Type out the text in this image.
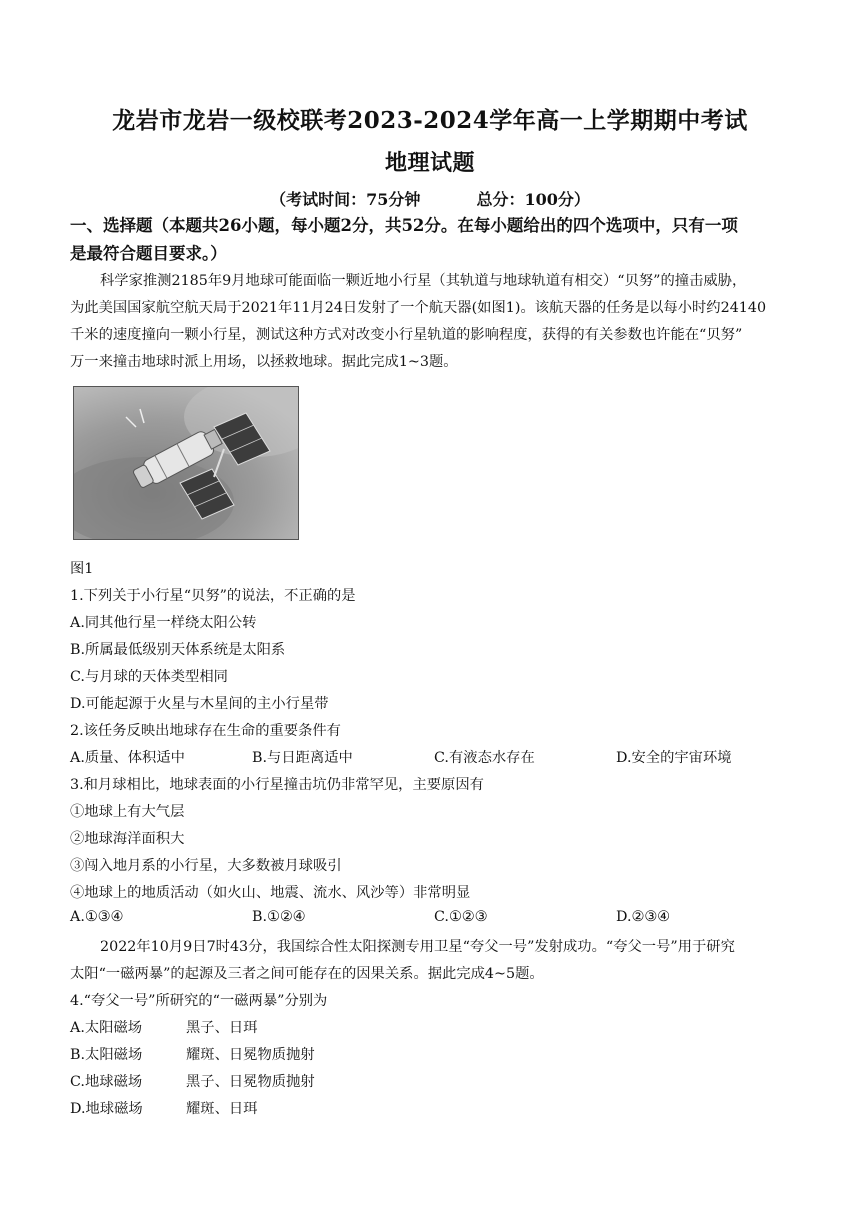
龙岩市龙岩一级校联考2023-2024学年高一上学期期中考试
地理试题
（考试时间：75分钟	总分：100分）
一、选择题（本题共26小题，每小题2分，共52分。在每小题给出的四个选项中，只有一项
是最符合题目要求。）
科学家推测2185年9月地球可能面临一颗近地小行星（其轨道与地球轨道有相交）“贝努”的撞击威胁，
为此美国国家航空航天局于2021年11月24日发射了一个航天器(如图1)。该航天器的任务是以每小时约24140
千米的速度撞向一颗小行星，测试这种方式对改变小行星轨道的影响程度，获得的有关参数也许能在“贝努”
万一来撞击地球时派上用场，以拯救地球。据此完成1~3题。
图1
1.下列关于小行星“贝努”的说法，不正确的是
A.同其他行星一样绕太阳公转
B.所属最低级别天体系统是太阳系
C.与月球的天体类型相同
D.可能起源于火星与木星间的主小行星带
2.该任务反映出地球存在生命的重要条件有
A.质量、体积适中	B.与日距离适中	C.有液态水存在	D.安全的宇宙环境
3.和月球相比，地球表面的小行星撞击坑仍非常罕见，主要原因有
①地球上有大气层
②地球海洋面积大
③闯入地月系的小行星，大多数被月球吸引
④地球上的地质活动（如火山、地震、流水、风沙等）非常明显
A.①③④	B.①②④	C.①②③	D.②③④
2022年10月9日7时43分，我国综合性太阳探测专用卫星“夸父一号”发射成功。“夸父一号”用于研究
太阳“一磁两暴”的起源及三者之间可能存在的因果关系。据此完成4~5题。
4.“夸父一号”所研究的“一磁两暴”分别为
A.太阳磁场	黑子、日珥
B.太阳磁场	耀斑、日冕物质抛射
C.地球磁场	黑子、日冕物质抛射
D.地球磁场	耀斑、日珥
